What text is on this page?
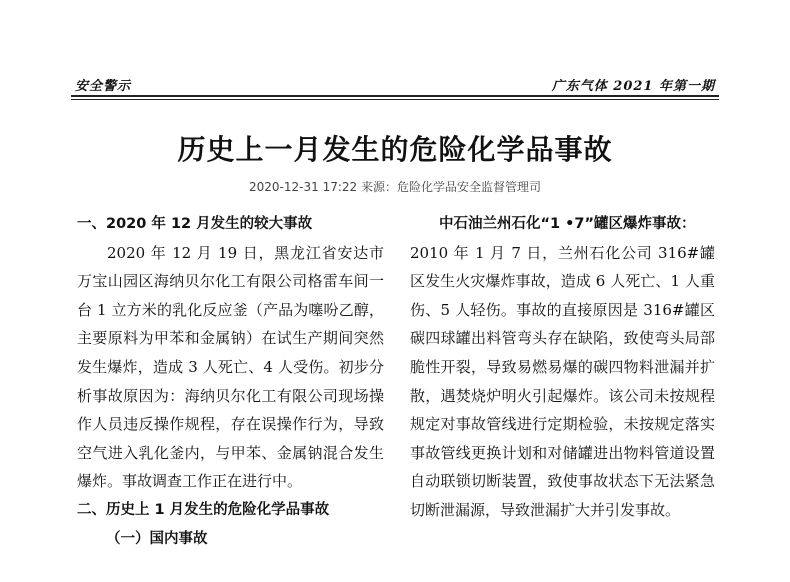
安全警示	广东气体 2021 年第一期
历史上一月发生的危险化学品事故
2020-12-31 17:22 来源：危险化学品安全监督管理司

一、2020 年 12 月发生的较大事故

2020 年 12 月 19 日，黑龙江省安达市万宝山园区海纳贝尔化工有限公司格雷车间一台 1 立方米的乳化反应釜（产品为噻吩乙醇，主要原料为甲苯和金属钠）在试生产期间突然发生爆炸，造成 3 人死亡、4 人受伤。初步分析事故原因为：海纳贝尔化工有限公司现场操作人员违反操作规程，存在误操作行为，导致空气进入乳化釜内，与甲苯、金属钠混合发生爆炸。事故调查工作正在进行中。

二、历史上 1 月发生的危险化学品事故

（一）国内事故

中石油兰州石化“1 •7”罐区爆炸事故：

2010 年 1 月 7 日，兰州石化公司 316#罐区发生火灾爆炸事故，造成 6 人死亡、1 人重伤、5 人轻伤。事故的直接原因是 316#罐区碳四球罐出料管弯头存在缺陷，致使弯头局部脆性开裂，导致易燃易爆的碳四物料泄漏并扩散，遇焚烧炉明火引起爆炸。该公司未按规程规定对事故管线进行定期检验，未按规定落实事故管线更换计划和对储罐进出物料管道设置自动联锁切断装置，致使事故状态下无法紧急切断泄漏源，导致泄漏扩大并引发事故。
